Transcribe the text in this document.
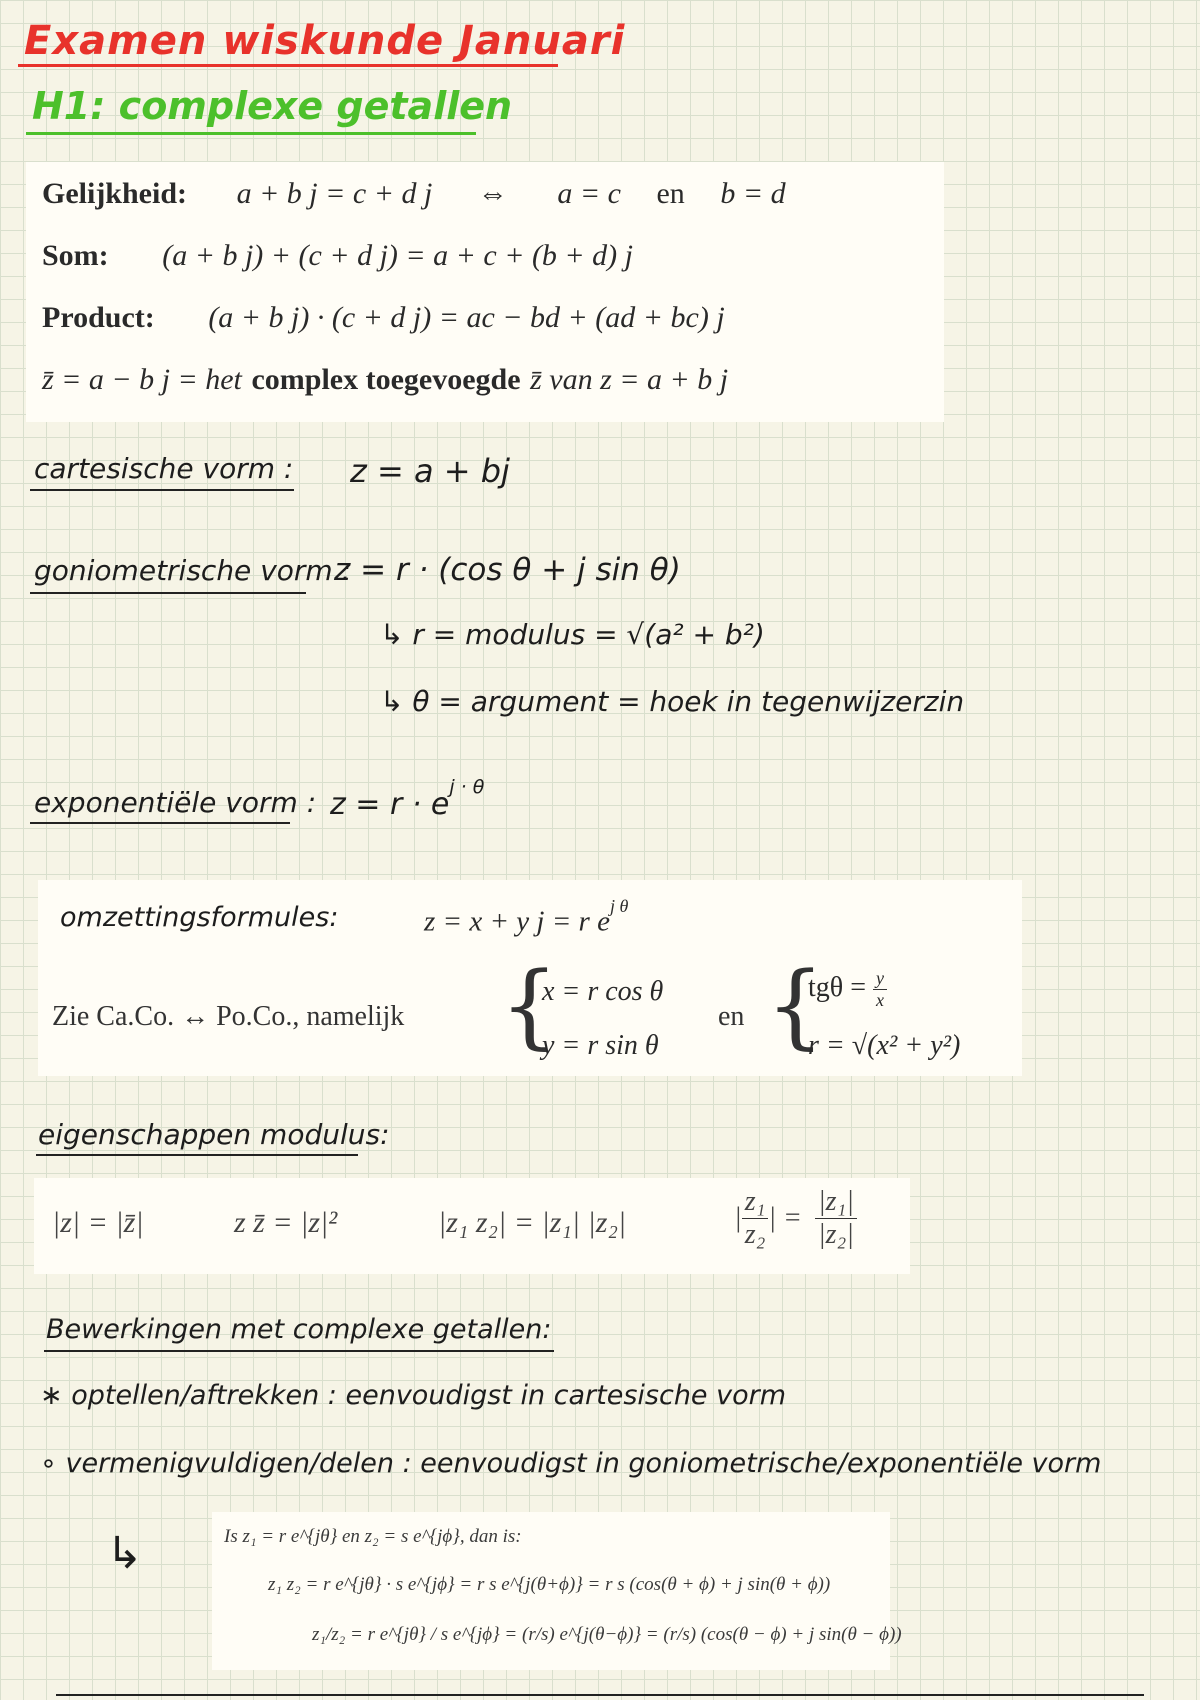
Examen wiskunde Januari
H1: complexe getallen
Gelijkheid: a + b j = c + d j ⇔ a = c en b = d
Som: (a + b j) + (c + d j) = a + c + (b + d) j
Product: (a + b j) · (c + d j) = ac − bd + (ad + bc) j
z̄ = a − b j = het complex toegevoegde z̄ van z = a + b j
cartesische vorm : z = a + bj
goniometrische vorm :
z = r · (cos θ + j sin θ)
↳ r = modulus = √(a² + b²)
↳ θ = argument = hoek in tegenwijzerzin
exponentiële vorm : $z = r \cdot e^{j \cdot \theta}$
omzettingsformules:	z = x + y j = r $e^{j \theta}$
Zie Ca.Co. ↔ Po.Co., namelijk {
x = r cos θ
y = r sin θ
en {
$tg\theta = \frac{y}{x}$
r = √(x² + y²)
eigenschappen modulus:
|z| = |z̄|	z z̄ = |z|²	|z₁ z₂| = |z₁| |z₂|	| $\frac{\text{z₁}}{\text{z₂}}$ | = $\frac{\text{|z₁|}}{\text{|z₂|}}$
Bewerkingen met complexe getallen:
∗ optellen/aftrekken : eenvoudigst in cartesische vorm
∘ vermenigvuldigen/delen : eenvoudigst in goniometrische/exponentiële vorm
↳	Is z₁ = r e^{jθ} en z₂ = s e^{jϕ}, dan is:
z₁ z₂ = r e^{jθ} · s e^{jϕ} = r s e^{j(θ+ϕ)} = r s (cos(θ + ϕ) + j sin(θ + ϕ))
z₁/z₂ = r e^{jθ} / s e^{jϕ} = (r/s) e^{j(θ−ϕ)} = (r/s) (cos(θ − ϕ) + j sin(θ − ϕ))
